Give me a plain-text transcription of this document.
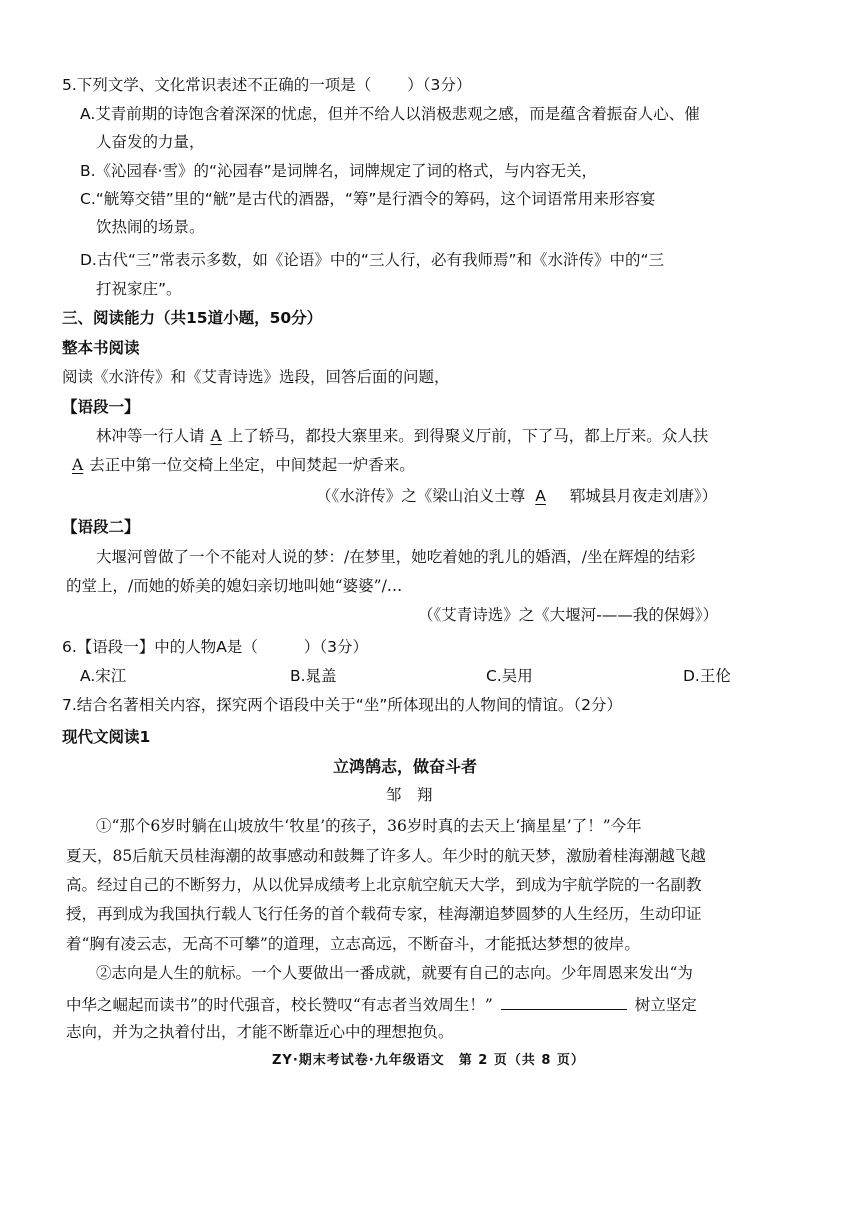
5.下列文学、文化常识表述不正确的一项是（ ）（3分）
A.艾青前期的诗饱含着深深的忧虑，但并不给人以消极悲观之感，而是蕴含着振奋人心、催
人奋发的力量，
B.《沁园春·雪》的“沁园春”是词牌名，词牌规定了词的格式，与内容无关，
C.“觥筹交错”里的“觥”是古代的酒器，“筹”是行酒令的筹码，这个词语常用来形容宴
饮热闹的场景。
D.古代“三”常表示多数，如《论语》中的“三人行，必有我师焉”和《水浒传》中的“三
打祝家庄”。
三、阅读能力（共15道小题，50分）
整本书阅读
阅读《水浒传》和《艾青诗选》选段，回答后面的问题，
【语段一】
林冲等一行人请 A 上了轿马，都投大寨里来。到得聚义厅前，下了马，都上厅来。众人扶
A 去正中第一位交椅上坐定，中间焚起一炉香来。
（《水浒传》之《梁山泊义士尊 A 郓城县月夜走刘唐》）
【语段二】
大堰河曾做了一个不能对人说的梦：/在梦里，她吃着她的乳儿的婚酒，/坐在辉煌的结彩
的堂上，/而她的娇美的媳妇亲切地叫她“婆婆”/…
（《艾青诗选》之《大堰河-——我的保姆》）
6.【语段一】中的人物A是（	）（3分）
A.宋江	B.晁盖	C.吴用	D.王伦
7.结合名著相关内容，探究两个语段中关于“坐”所体现出的人物间的情谊。（2分）
现代文阅读1
立鸿鹄志，做奋斗者
邹　翔
①“那个6岁时躺在山坡放牛‘牧星’的孩子，36岁时真的去天上‘摘星星’了！”今年
夏天，85后航天员桂海潮的故事感动和鼓舞了许多人。年少时的航天梦，激励着桂海潮越飞越
高。经过自己的不断努力，从以优异成绩考上北京航空航天大学，到成为宇航学院的一名副教
授，再到成为我国执行载人飞行任务的首个载荷专家，桂海潮追梦圆梦的人生经历，生动印证
着“胸有凌云志，无高不可攀”的道理，立志高远，不断奋斗，才能抵达梦想的彼岸。
②志向是人生的航标。一个人要做出一番成就，就要有自己的志向。少年周恩来发出“为
中华之崛起而读书”的时代强音，校长赞叹“有志者当效周生！”	树立坚定
志向，并为之执着付出，才能不断靠近心中的理想抱负。
ZY·期末考试卷·九年级语文　第 2 页（共 8 页）
